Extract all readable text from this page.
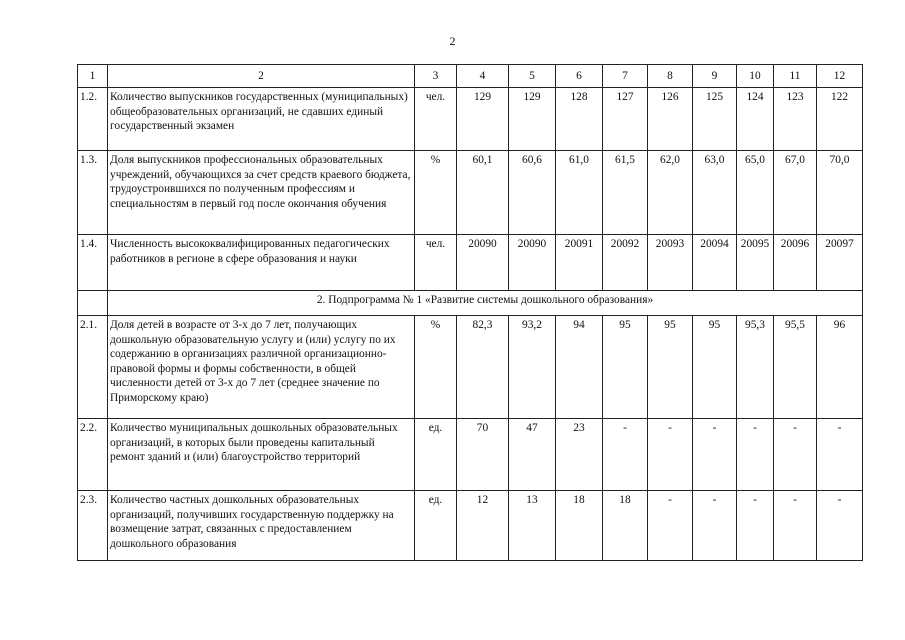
2
1	2	3	4	5	6	7	8	9	10	11	12
1.2.	Количество выпускников государственных (муниципальных) общеобразовательных организаций, не сдавших единый государственный экзамен	чел.	129	129	128	127	126	125	124	123	122
1.3.	Доля выпускников профессиональных образовательных учреждений, обучающихся за счет средств краевого бюджета, трудоустроившихся по полученным профессиям и специальностям в первый год после окончания обучения	%	60,1	60,6	61,0	61,5	62,0	63,0	65,0	67,0	70,0
1.4.	Численность высококвалифицированных педагогических работников в регионе в сфере образования и науки	чел.	20090	20090	20091	20092	20093	20094	20095	20096	20097
	2. Подпрограмма № 1 «Развитие системы дошкольного образования»										
2.1.	Доля детей в возрасте от 3-х до 7 лет, получающих дошкольную образовательную услугу и (или) услугу по их содержанию в организациях различной организационно-правовой формы и формы собственности, в общей численности детей от 3-х до 7 лет (среднее значение по Приморскому краю)	%	82,3	93,2	94	95	95	95	95,3	95,5	96
2.2.	Количество муниципальных дошкольных образовательных организаций, в которых были проведены капитальный ремонт зданий и (или) благоустройство территорий	ед.	70	47	23	-	-	-	-	-	-
2.3.	Количество частных дошкольных образовательных организаций, получивших государственную поддержку на возмещение затрат, связанных с предоставлением дошкольного образования	ед.	12	13	18	18	-	-	-	-	-
